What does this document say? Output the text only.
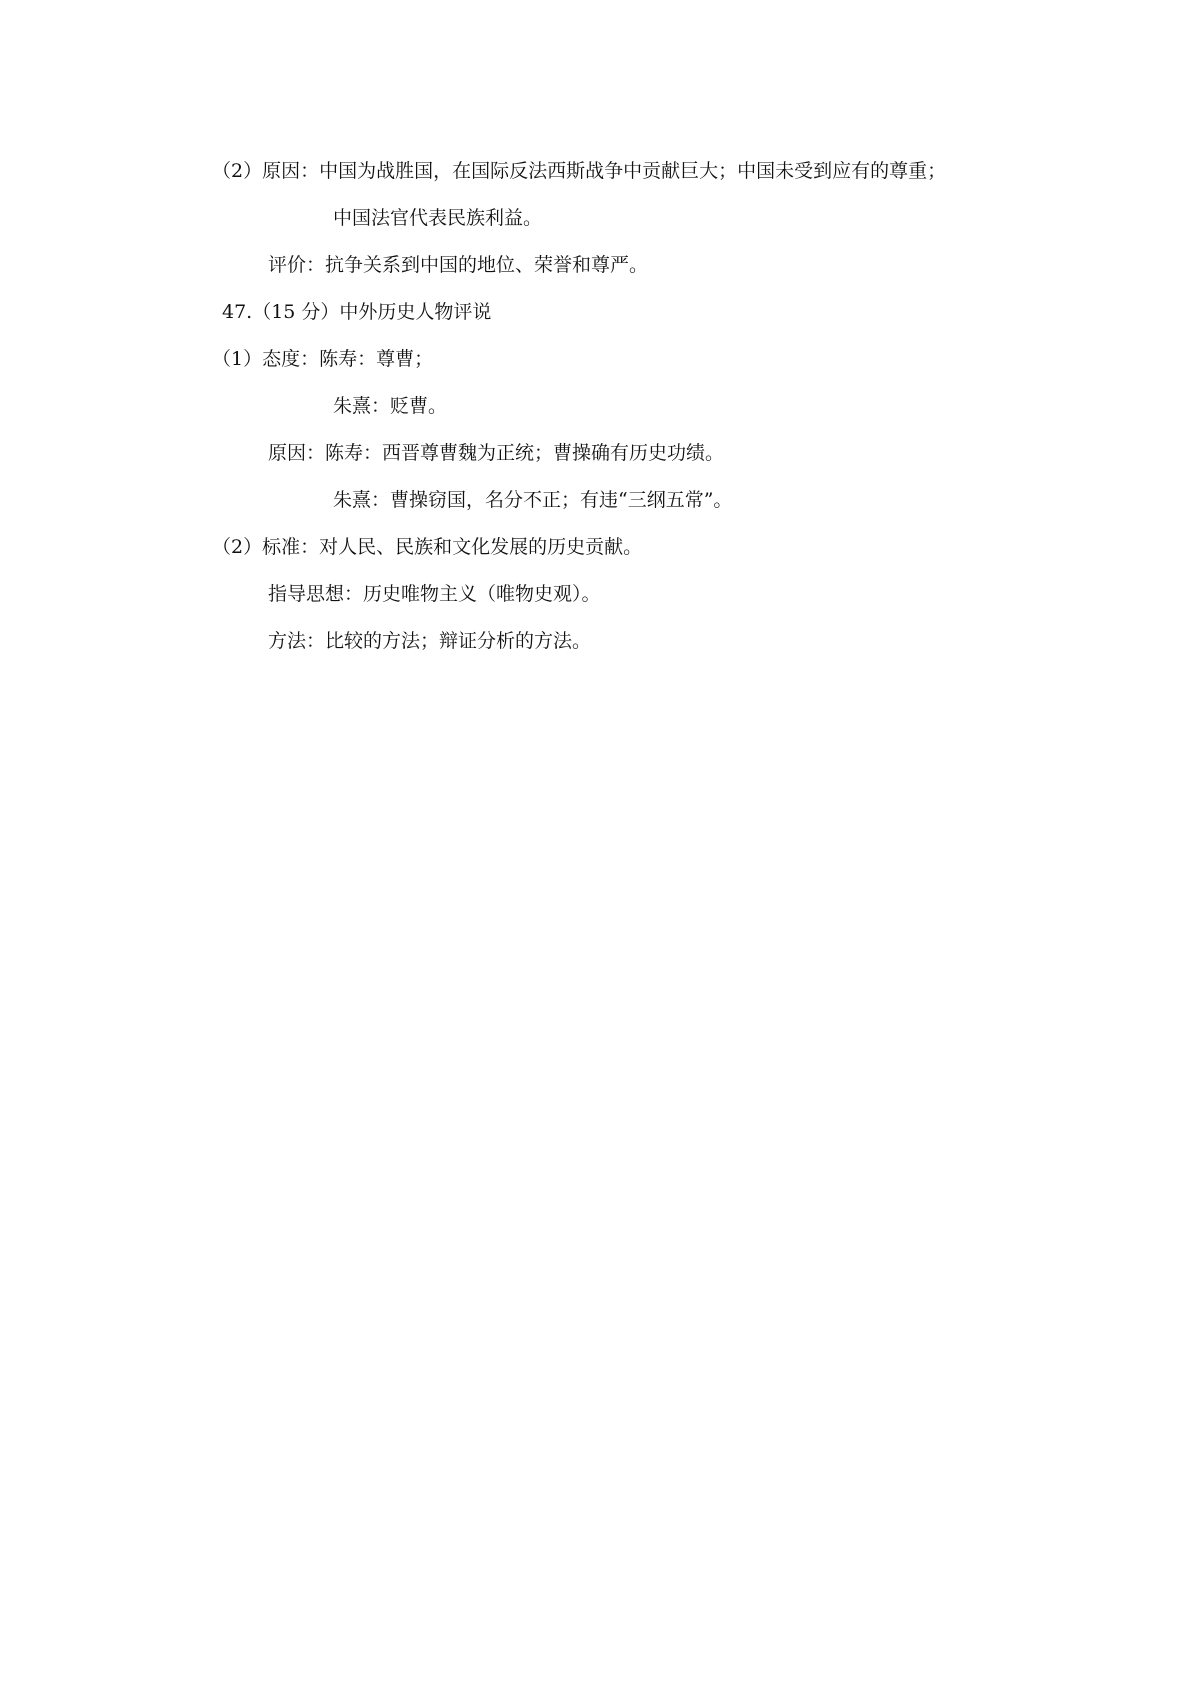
（2）原因：中国为战胜国，在国际反法西斯战争中贡献巨大；中国未受到应有的尊重；
中国法官代表民族利益。
评价：抗争关系到中国的地位、荣誉和尊严。
47.（15 分）中外历史人物评说
（1）态度：陈寿：尊曹；
朱熹：贬曹。
原因：陈寿：西晋尊曹魏为正统；曹操确有历史功绩。
朱熹：曹操窃国，名分不正；有违“三纲五常”。
（2）标准：对人民、民族和文化发展的历史贡献。
指导思想：历史唯物主义（唯物史观）。
方法：比较的方法；辩证分析的方法。
